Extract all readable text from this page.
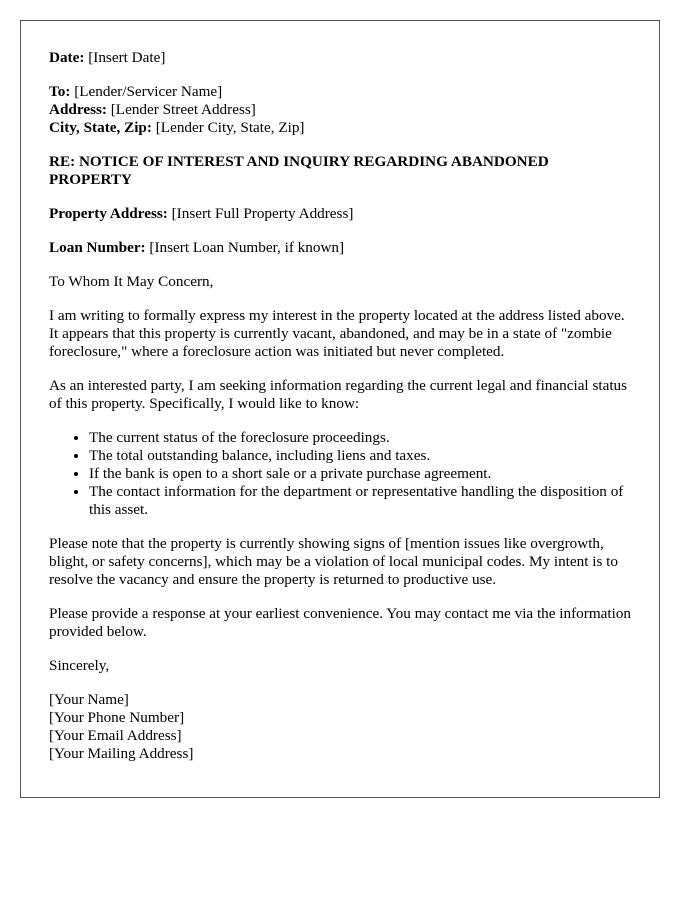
Date: [Insert Date]
To: [Lender/Servicer Name]
Address: [Lender Street Address]
City, State, Zip: [Lender City, State, Zip]
RE: NOTICE OF INTEREST AND INQUIRY REGARDING ABANDONED PROPERTY
Property Address: [Insert Full Property Address]
Loan Number: [Insert Loan Number, if known]

To Whom It May Concern,

I am writing to formally express my interest in the property located at the address listed above. It appears that this property is currently vacant, abandoned, and may be in a state of "zombie foreclosure," where a foreclosure action was initiated but never completed.

As an interested party, I am seeking information regarding the current legal and financial status of this property. Specifically, I would like to know:

• The current status of the foreclosure proceedings.
• The total outstanding balance, including liens and taxes.
• If the bank is open to a short sale or a private purchase agreement.
• The contact information for the department or representative handling the disposition of this asset.

Please note that the property is currently showing signs of [mention issues like overgrowth, blight, or safety concerns], which may be a violation of local municipal codes. My intent is to resolve the vacancy and ensure the property is returned to productive use.

Please provide a response at your earliest convenience. You may contact me via the information provided below.

Sincerely,

[Your Name]
[Your Phone Number]
[Your Email Address]
[Your Mailing Address]
